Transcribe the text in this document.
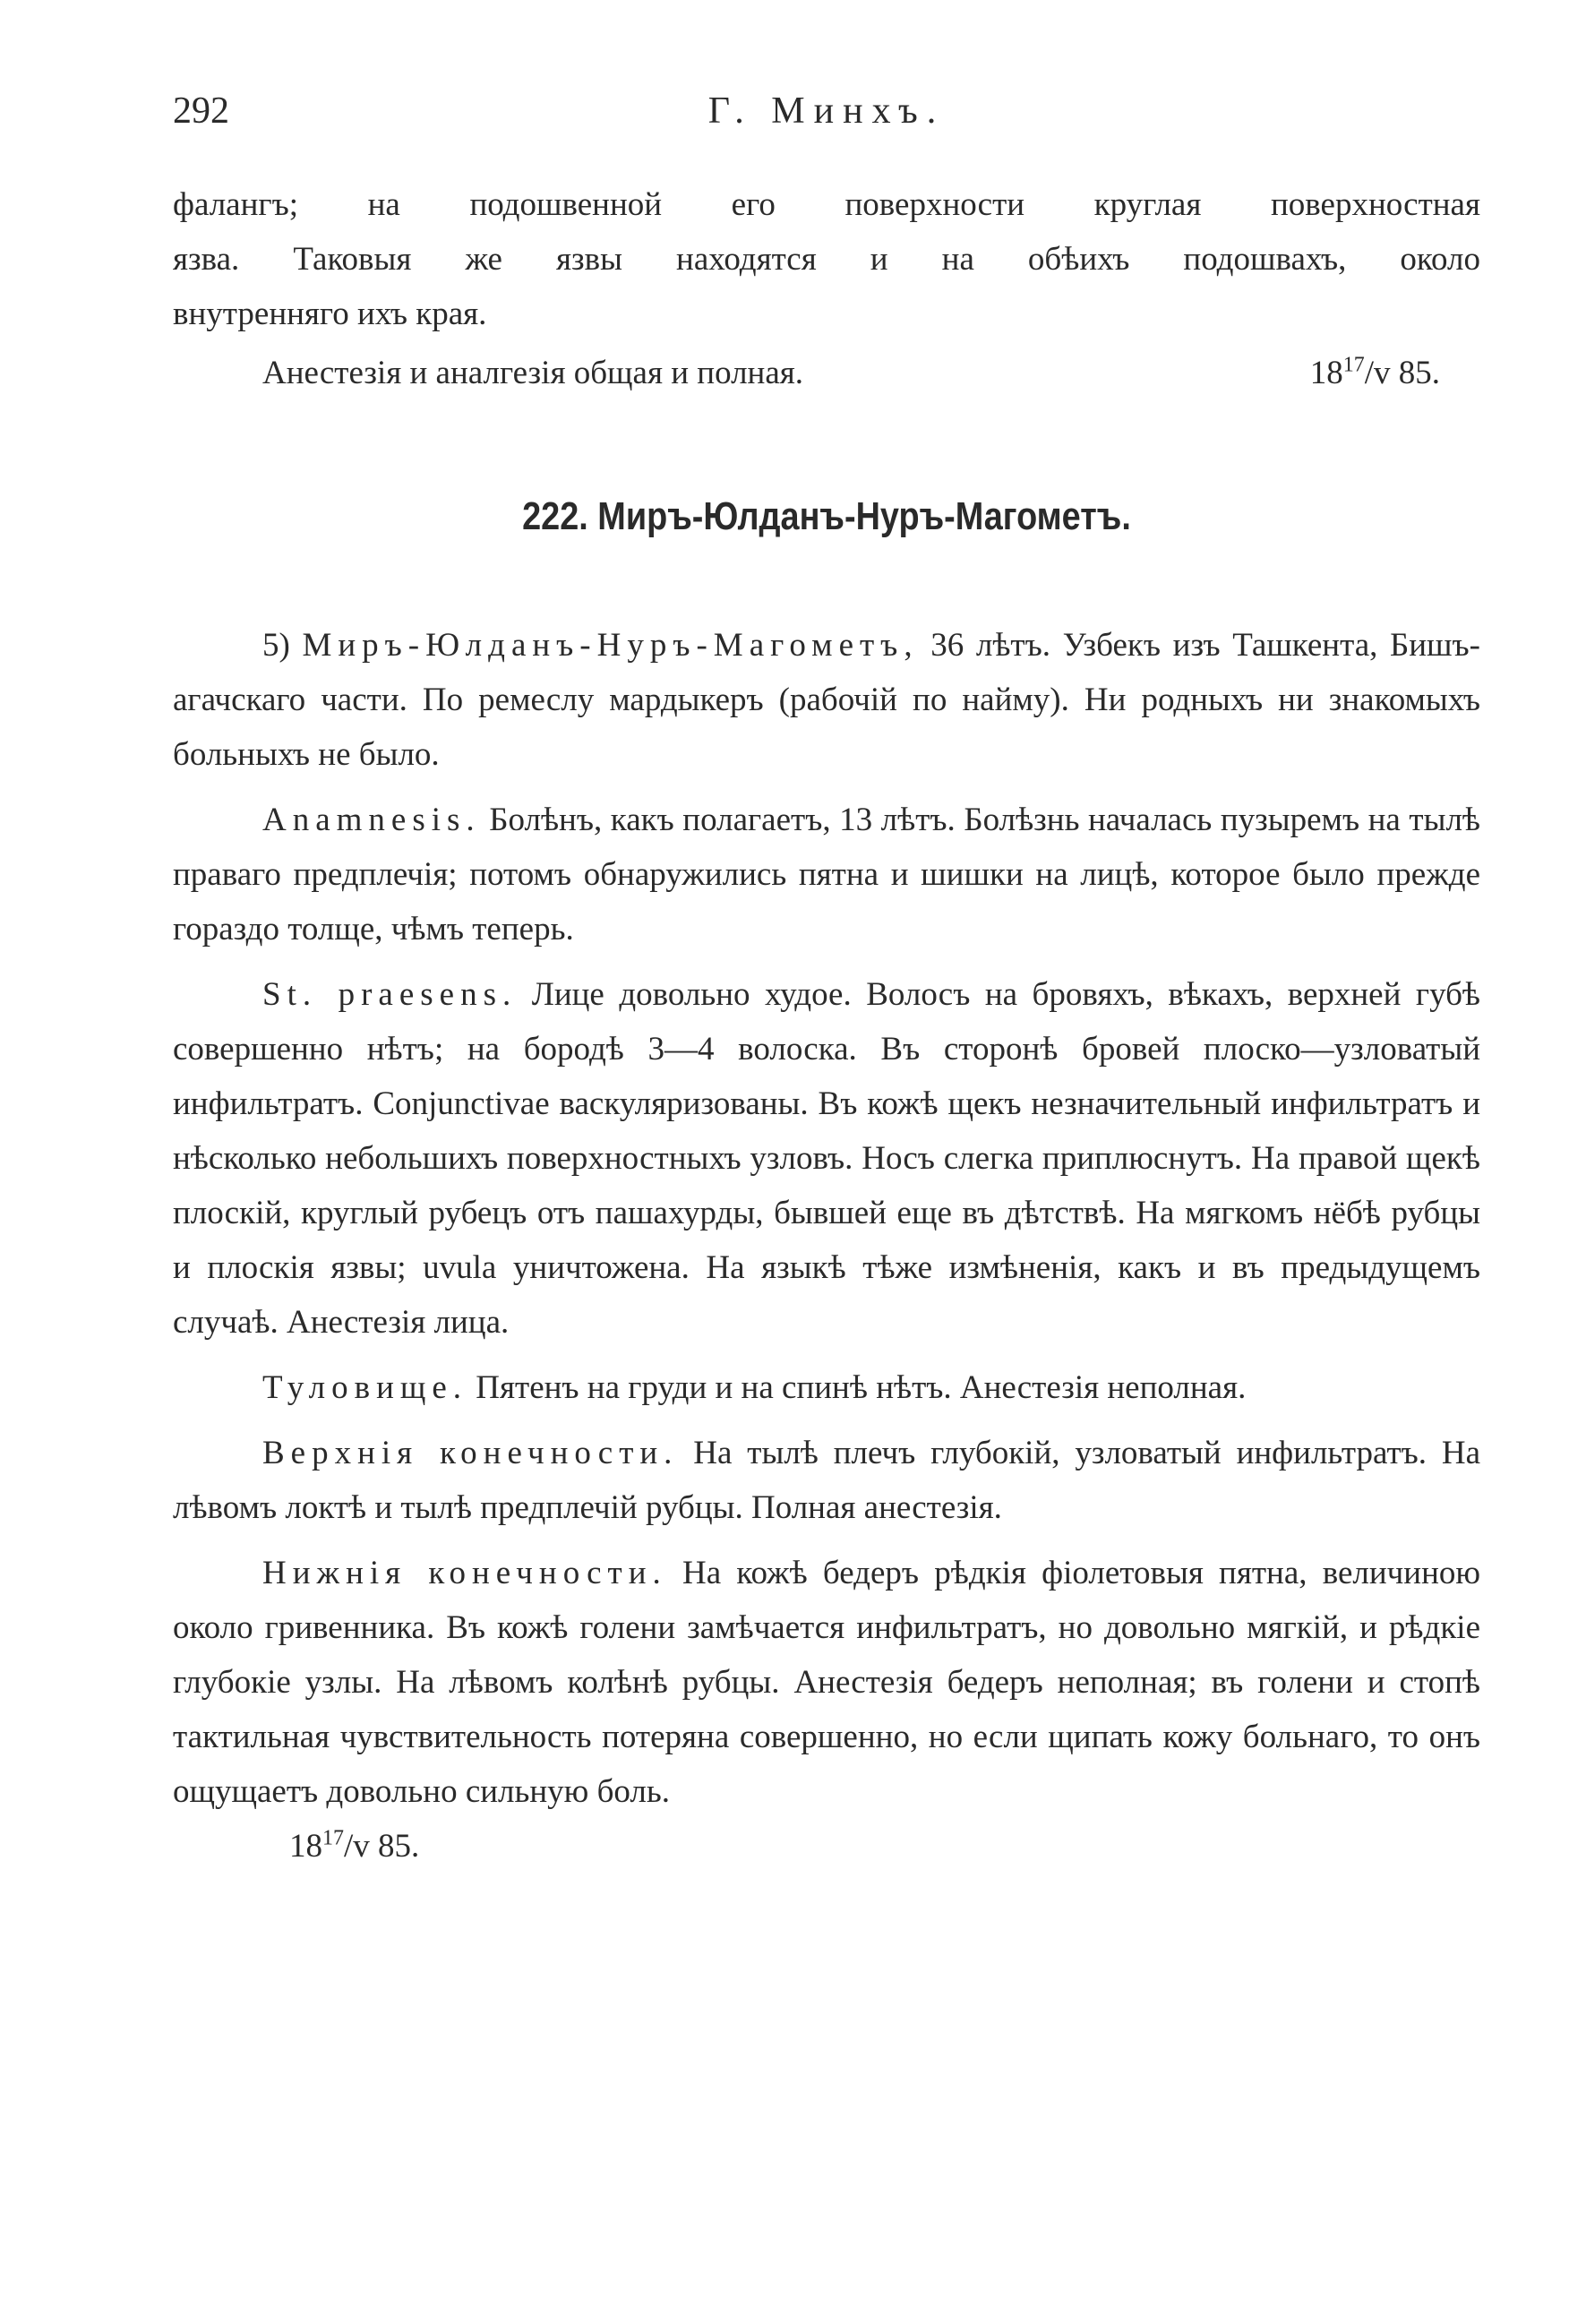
292	Г. Минхъ.

фалангъ; на подошвенной его поверхности круглая поверхностная

язва. Таковыя же язвы находятся и на обѣихъ подошвахъ, около

внутренняго ихъ края.

Анестезія и аналгезія общая и полная.	$18^{17}/v$ 85.

222. Миръ-Юлданъ-Нуръ-Магометъ.

5) Миръ-Юлданъ-Нуръ-Магометъ, 36 лѣтъ. Узбекъ изъ Ташкента, Бишъ-агачскаго части. По ремеслу мардыкеръ (рабочій по найму). Ни родныхъ ни знакомыхъ больныхъ не было.

Anamnesis. Болѣнъ, какъ полагаетъ, 13 лѣтъ. Болѣзнь началась пузыремъ на тылѣ праваго предплечія; потомъ обнаружились пятна и шишки на лицѣ, которое было прежде гораздо толще, чѣмъ теперь.

St. praesens. Лице довольно худое. Волосъ на бровяхъ, вѣкахъ, верхней губѣ совершенно нѣтъ; на бородѣ 3—4 волоска. Въ сторонѣ бровей плоско—узловатый инфильтратъ. Conjunctivae васкуляризованы. Въ кожѣ щекъ незначительный инфильтратъ и нѣсколько небольшихъ поверхностныхъ узловъ. Носъ слегка приплюснутъ. На правой щекѣ плоскій, круглый рубецъ отъ пашахурды, бывшей еще въ дѣтствѣ. На мягкомъ нёбѣ рубцы и плоскія язвы; uvula уничтожена. На языкѣ тѣже измѣненія, какъ и въ предыдущемъ случаѣ. Анестезія лица.

Туловище. Пятенъ на груди и на спинѣ нѣтъ. Анестезія неполная.

Верхнія конечности. На тылѣ плечъ глубокій, узловатый инфильтратъ. На лѣвомъ локтѣ и тылѣ предплечій рубцы. Полная анестезія.

Нижнія конечности. На кожѣ бедеръ рѣдкія фіолетовыя пятна, величиною около гривенника. Въ кожѣ голени замѣчается инфильтратъ, но довольно мягкій, и рѣдкіе глубокіе узлы. На лѣвомъ колѣнѣ рубцы. Анестезія бедеръ неполная; въ голени и стопѣ тактильная чувствительность потеряна совершенно, но если щипать кожу больнаго, то онъ ощущаетъ довольно сильную боль.

$18^{17}/v$ 85.
